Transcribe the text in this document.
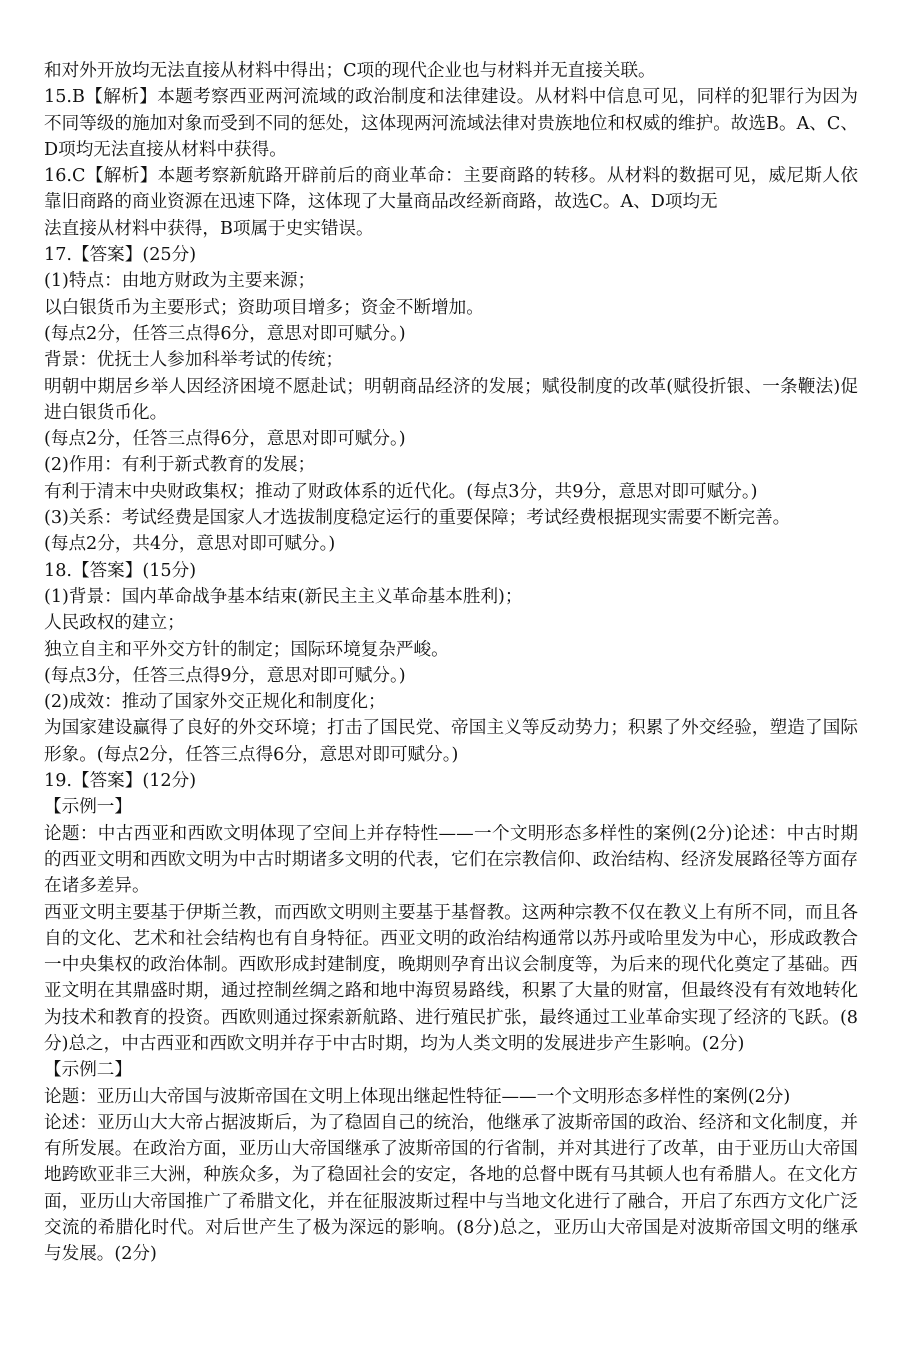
和对外开放均无法直接从材料中得出；C项的现代企业也与材料并无直接关联。
15.B【解析】本题考察西亚两河流域的政治制度和法律建设。从材料中信息可见，同样的犯罪行为因为不同等级的施加对象而受到不同的惩处，这体现两河流域法律对贵族地位和权威的维护。故选B。A、C、D项均无法直接从材料中获得。
16.C【解析】本题考察新航路开辟前后的商业革命：主要商路的转移。从材料的数据可见，威尼斯人依靠旧商路的商业资源在迅速下降，这体现了大量商品改经新商路，故选C。A、D项均无
法直接从材料中获得，B项属于史实错误。
17.【答案】(25分)
(1)特点：由地方财政为主要来源；
以白银货币为主要形式；资助项目增多；资金不断增加。
(每点2分，任答三点得6分，意思对即可赋分。)
背景：优抚士人参加科举考试的传统；
明朝中期居乡举人因经济困境不愿赴试；明朝商品经济的发展；赋役制度的改革(赋役折银、一条鞭法)促进白银货币化。
(每点2分，任答三点得6分，意思对即可赋分。)
(2)作用：有利于新式教育的发展；
有利于清末中央财政集权；推动了财政体系的近代化。(每点3分，共9分，意思对即可赋分。)
(3)关系：考试经费是国家人才选拔制度稳定运行的重要保障；考试经费根据现实需要不断完善。
(每点2分，共4分，意思对即可赋分。)
18.【答案】(15分)
(1)背景：国内革命战争基本结束(新民主主义革命基本胜利)；
人民政权的建立；
独立自主和平外交方针的制定；国际环境复杂严峻。
(每点3分，任答三点得9分，意思对即可赋分。)
(2)成效：推动了国家外交正规化和制度化；
为国家建设赢得了良好的外交环境；打击了国民党、帝国主义等反动势力；积累了外交经验，塑造了国际形象。(每点2分，任答三点得6分，意思对即可赋分。)
19.【答案】(12分)
【示例一】
论题：中古西亚和西欧文明体现了空间上并存特性——一个文明形态多样性的案例(2分)论述：中古时期的西亚文明和西欧文明为中古时期诸多文明的代表，它们在宗教信仰、政治结构、经济发展路径等方面存在诸多差异。
西亚文明主要基于伊斯兰教，而西欧文明则主要基于基督教。这两种宗教不仅在教义上有所不同，而且各自的文化、艺术和社会结构也有自身特征。西亚文明的政治结构通常以苏丹或哈里发为中心，形成政教合一中央集权的政治体制。西欧形成封建制度，晚期则孕育出议会制度等，为后来的现代化奠定了基础。西亚文明在其鼎盛时期，通过控制丝绸之路和地中海贸易路线，积累了大量的财富，但最终没有有效地转化为技术和教育的投资。西欧则通过探索新航路、进行殖民扩张，最终通过工业革命实现了经济的飞跃。(8分)总之，中古西亚和西欧文明并存于中古时期，均为人类文明的发展进步产生影响。(2分)
【示例二】
论题：亚历山大帝国与波斯帝国在文明上体现出继起性特征——一个文明形态多样性的案例(2分)
论述：亚历山大大帝占据波斯后，为了稳固自己的统治，他继承了波斯帝国的政治、经济和文化制度，并有所发展。在政治方面，亚历山大帝国继承了波斯帝国的行省制，并对其进行了改革，由于亚历山大帝国地跨欧亚非三大洲，种族众多，为了稳固社会的安定，各地的总督中既有马其顿人也有希腊人。在文化方面，亚历山大帝国推广了希腊文化，并在征服波斯过程中与当地文化进行了融合，开启了东西方文化广泛交流的希腊化时代。对后世产生了极为深远的影响。(8分)总之，亚历山大帝国是对波斯帝国文明的继承与发展。(2分)
